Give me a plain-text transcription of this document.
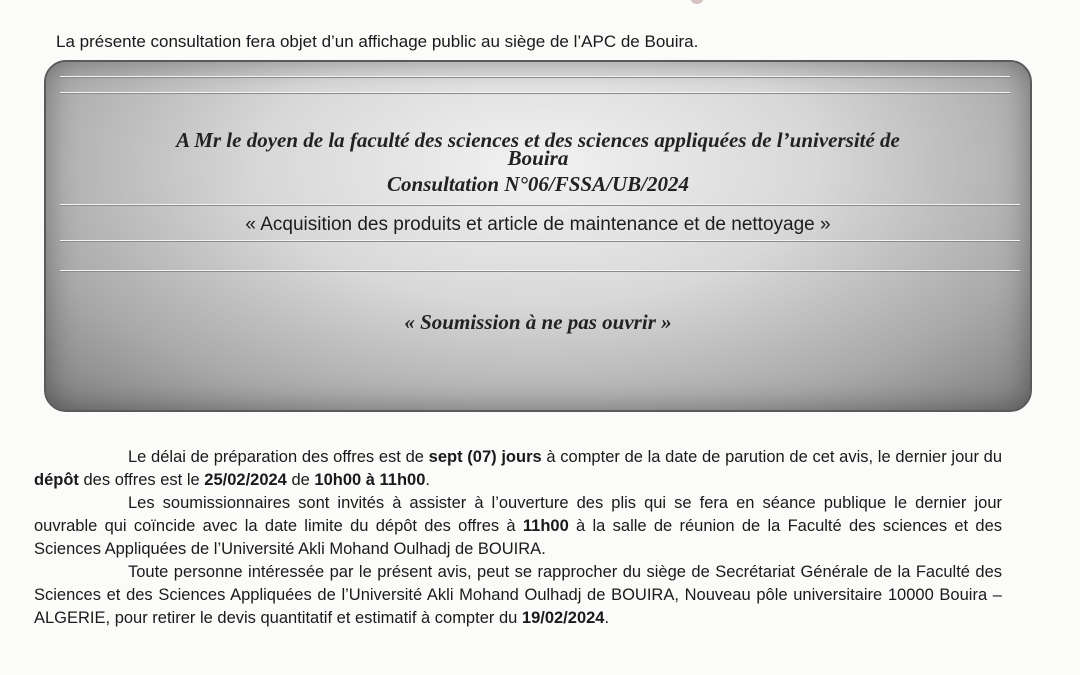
La présente consultation fera objet d’un affichage public au siège de l’APC de Bouira.
A Mr le doyen de la faculté des sciences et des sciences appliquées de l’université de
Bouira
Consultation N°06/FSSA/UB/2024
« Acquisition des produits et article de maintenance et de nettoyage »
« Soumission à ne pas ouvrir »

Le délai de préparation des offres est de sept (07) jours à compter de la date de parution de cet avis, le dernier jour du dépôt des offres est le 25/02/2024 de 10h00 à 11h00.

Les soumissionnaires sont invités à assister à l’ouverture des plis qui se fera en séance publique le dernier jour ouvrable qui coïncide avec la date limite du dépôt des offres à 11h00 à la salle de réunion de la Faculté des sciences et des Sciences Appliquées de l’Université Akli Mohand Oulhadj de BOUIRA.

Toute personne intéressée par le présent avis, peut se rapprocher du siège de Secrétariat Générale de la Faculté des Sciences et des Sciences Appliquées de l’Université Akli Mohand Oulhadj de BOUIRA, Nouveau pôle universitaire 10000 Bouira –ALGERIE, pour retirer le devis quantitatif et estimatif à compter du 19/02/2024.
